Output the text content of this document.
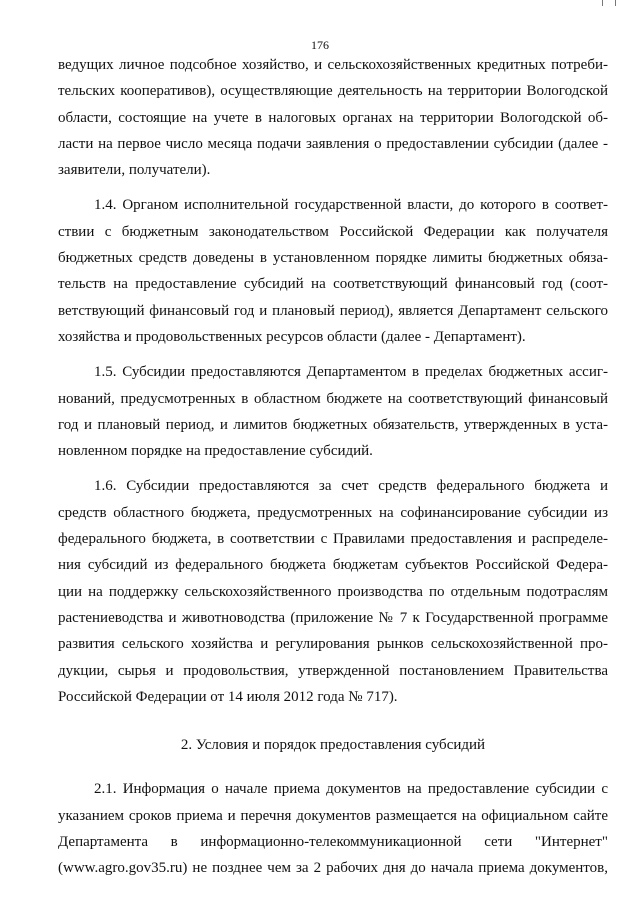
176
ведущих личное подсобное хозяйство, и сельскохозяйственных кредитных потреби-
тельских кооперативов), осуществляющие деятельность на территории Вологодской
области, состоящие на учете в налоговых органах на территории Вологодской об-
ласти на первое число месяца подачи заявления о предоставлении субсидии (далее -
заявители, получатели).
1.4. Органом исполнительной государственной власти, до которого в соответ-
ствии с бюджетным законодательством Российской Федерации как получателя
бюджетных средств доведены в установленном порядке лимиты бюджетных обяза-
тельств на предоставление субсидий на соответствующий финансовый год (соот-
ветствующий финансовый год и плановый период), является Департамент сельского
хозяйства и продовольственных ресурсов области (далее - Департамент).
1.5. Субсидии предоставляются Департаментом в пределах бюджетных ассиг-
нований, предусмотренных в областном бюджете на соответствующий финансовый
год и плановый период, и лимитов бюджетных обязательств, утвержденных в уста-
новленном порядке на предоставление субсидий.
1.6. Субсидии предоставляются за счет средств федерального бюджета и
средств областного бюджета, предусмотренных на софинансирование субсидии из
федерального бюджета, в соответствии с Правилами предоставления и распределе-
ния субсидий из федерального бюджета бюджетам субъектов Российской Федера-
ции на поддержку сельскохозяйственного производства по отдельным подотраслям
растениеводства и животноводства (приложение № 7 к Государственной программе
развития сельского хозяйства и регулирования рынков сельскохозяйственной про-
дукции, сырья и продовольствия, утвержденной постановлением Правительства
Российской Федерации от 14 июля 2012 года № 717).
2. Условия и порядок предоставления субсидий
2.1. Информация о начале приема документов на предоставление субсидии с
указанием сроков приема и перечня документов размещается на официальном сайте
Департамента в информационно-телекоммуникационной сети "Интернет"
(www.agro.gov35.ru) не позднее чем за 2 рабочих дня до начала приема документов,
